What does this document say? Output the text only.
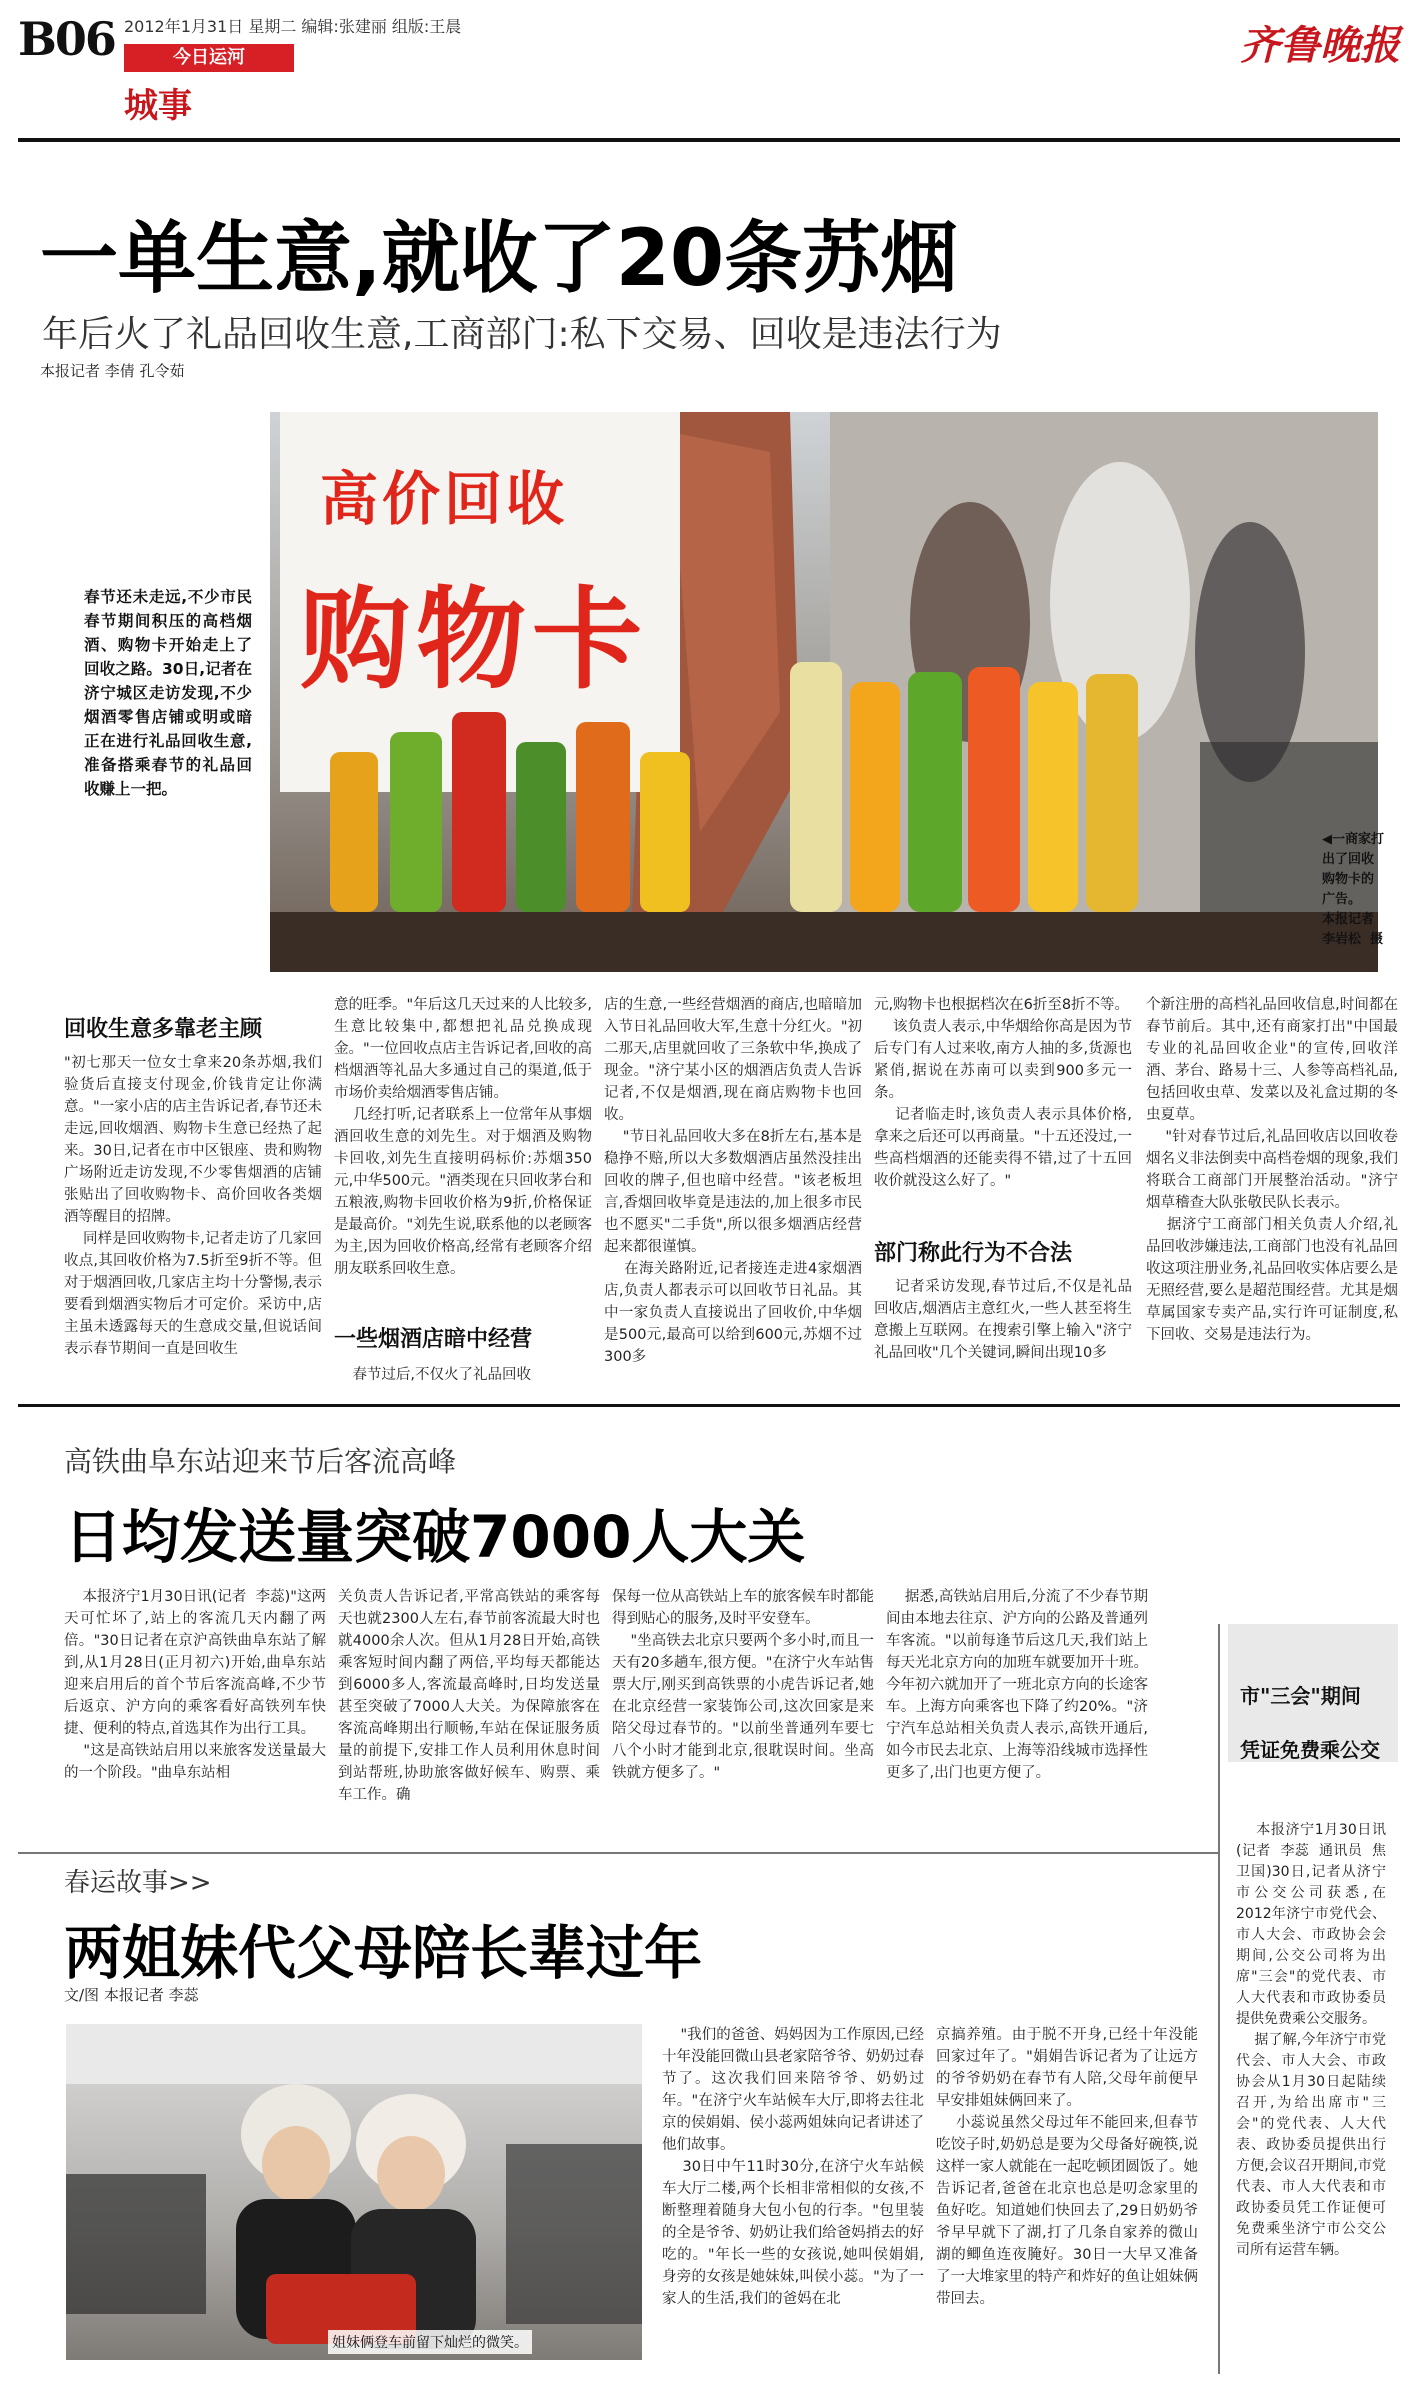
B06 2012年1月31日 星期二 编辑:张建丽 组版:王晨
今日运河
城事
齐鲁晚报
一单生意,就收了20条苏烟
年后火了礼品回收生意,工商部门:私下交易、回收是违法行为
本报记者 李倩 孔令茹
高价回收
购物卡
春节还未走远,不少市民春节期间积压的高档烟酒、购物卡开始走上了回收之路。30日,记者在济宁城区走访发现,不少烟酒零售店铺或明或暗正在进行礼品回收生意,准备搭乘春节的礼品回收赚上一把。
◀一商家打出了回收购物卡的广告。
本报记者  李岩松  摄
回收生意多靠老主顾
"初七那天一位女士拿来20条苏烟,我们验货后直接支付现金,价钱肯定让你满意。"一家小店的店主告诉记者,春节还未走远,回收烟酒、购物卡生意已经热了起来。30日,记者在市中区银座、贵和购物广场附近走访发现,不少零售烟酒的店铺张贴出了回收购物卡、高价回收各类烟酒等醒目的招牌。
同样是回收购物卡,记者走访了几家回收点,其回收价格为7.5折至9折不等。但对于烟酒回收,几家店主均十分警惕,表示要看到烟酒实物后才可定价。采访中,店主虽未透露每天的生意成交量,但说话间表示春节期间一直是回收生
意的旺季。"年后这几天过来的人比较多,生意比较集中,都想把礼品兑换成现金。"一位回收点店主告诉记者,回收的高档烟酒等礼品大多通过自己的渠道,低于市场价卖给烟酒零售店铺。
几经打听,记者联系上一位常年从事烟酒回收生意的刘先生。对于烟酒及购物卡回收,刘先生直接明码标价:苏烟350元,中华500元。"酒类现在只回收茅台和五粮液,购物卡回收价格为9折,价格保证是最高价。"刘先生说,联系他的以老顾客为主,因为回收价格高,经常有老顾客介绍朋友联系回收生意。
一些烟酒店暗中经营
春节过后,不仅火了礼品回收
店的生意,一些经营烟酒的商店,也暗暗加入节日礼品回收大军,生意十分红火。"初二那天,店里就回收了三条软中华,换成了现金。"济宁某小区的烟酒店负责人告诉记者,不仅是烟酒,现在商店购物卡也回收。
"节日礼品回收大多在8折左右,基本是稳挣不赔,所以大多数烟酒店虽然没挂出回收的牌子,但也暗中经营。"该老板坦言,香烟回收毕竟是违法的,加上很多市民也不愿买"二手货",所以很多烟酒店经营起来都很谨慎。
在海关路附近,记者接连走进4家烟酒店,负责人都表示可以回收节日礼品。其中一家负责人直接说出了回收价,中华烟是500元,最高可以给到600元,苏烟不过300多
元,购物卡也根据档次在6折至8折不等。
该负责人表示,中华烟给你高是因为节后专门有人过来收,南方人抽的多,货源也紧俏,据说在苏南可以卖到900多元一条。
记者临走时,该负责人表示具体价格,拿来之后还可以再商量。"十五还没过,一些高档烟酒的还能卖得不错,过了十五回收价就没这么好了。"
部门称此行为不合法
记者采访发现,春节过后,不仅是礼品回收店,烟酒店主意红火,一些人甚至将生意搬上互联网。在搜索引擎上输入"济宁礼品回收"几个关键词,瞬间出现10多
个新注册的高档礼品回收信息,时间都在春节前后。其中,还有商家打出"中国最专业的礼品回收企业"的宣传,回收洋酒、茅台、路易十三、人参等高档礼品,包括回收虫草、发菜以及礼盒过期的冬虫夏草。
"针对春节过后,礼品回收店以回收卷烟名义非法倒卖中高档卷烟的现象,我们将联合工商部门开展整治活动。"济宁烟草稽查大队张敬民队长表示。
据济宁工商部门相关负责人介绍,礼品回收涉嫌违法,工商部门也没有礼品回收这项注册业务,礼品回收实体店要么是无照经营,要么是超范围经营。尤其是烟草属国家专卖产品,实行许可证制度,私下回收、交易是违法行为。
高铁曲阜东站迎来节后客流高峰
日均发送量突破7000人大关
本报济宁1月30日讯(记者  李蕊)"这两天可忙坏了,站上的客流几天内翻了两倍。"30日记者在京沪高铁曲阜东站了解到,从1月28日(正月初六)开始,曲阜东站迎来启用后的首个节后客流高峰,不少节后返京、沪方向的乘客看好高铁列车快捷、便利的特点,首选其作为出行工具。
"这是高铁站启用以来旅客发送量最大的一个阶段。"曲阜东站相
关负责人告诉记者,平常高铁站的乘客每天也就2300人左右,春节前客流最大时也就4000余人次。但从1月28日开始,高铁乘客短时间内翻了两倍,平均每天都能达到6000多人,客流最高峰时,日均发送量甚至突破了7000人大关。为保障旅客在客流高峰期出行顺畅,车站在保证服务质量的前提下,安排工作人员利用休息时间到站帮班,协助旅客做好候车、购票、乘车工作。确
保每一位从高铁站上车的旅客候车时都能得到贴心的服务,及时平安登车。
"坐高铁去北京只要两个多小时,而且一天有20多趟车,很方便。"在济宁火车站售票大厅,刚买到高铁票的小虎告诉记者,她在北京经营一家装饰公司,这次回家是来陪父母过春节的。"以前坐普通列车要七八个小时才能到北京,很耽误时间。坐高铁就方便多了。"
据悉,高铁站启用后,分流了不少春节期间由本地去往京、沪方向的公路及普通列车客流。"以前每逢节后这几天,我们站上每天光北京方向的加班车就要加开十班。今年初六就加开了一班北京方向的长途客车。上海方向乘客也下降了约20%。"济宁汽车总站相关负责人表示,高铁开通后,如今市民去北京、上海等沿线城市选择性更多了,出门也更方便了。
市"三会"期间
凭证免费乘公交
本报济宁1月30日讯(记者  李蕊  通讯员  焦卫国)30日,记者从济宁市公交公司获悉,在2012年济宁市党代会、市人大会、市政协会会期间,公交公司将为出席"三会"的党代表、市人大代表和市政协委员提供免费乘公交服务。
据了解,今年济宁市党代会、市人大会、市政协会从1月30日起陆续召开,为给出席市"三会"的党代表、人大代表、政协委员提供出行方便,会议召开期间,市党代表、市人大代表和市政协委员凭工作证便可免费乘坐济宁市公交公司所有运营车辆。
春运故事>>
两姐妹代父母陪长辈过年
文/图 本报记者 李蕊
姐妹俩登车前留下灿烂的微笑。
"我们的爸爸、妈妈因为工作原因,已经十年没能回微山县老家陪爷爷、奶奶过春节了。这次我们回来陪爷爷、奶奶过年。"在济宁火车站候车大厅,即将去往北京的侯娟娟、侯小蕊两姐妹向记者讲述了他们故事。
30日中午11时30分,在济宁火车站候车大厅二楼,两个长相非常相似的女孩,不断整理着随身大包小包的行李。"包里装的全是爷爷、奶奶让我们给爸妈捎去的好吃的。"年长一些的女孩说,她叫侯娟娟,身旁的女孩是她妹妹,叫侯小蕊。"为了一家人的生活,我们的爸妈在北
京搞养殖。由于脱不开身,已经十年没能回家过年了。"娟娟告诉记者为了让远方的爷爷奶奶在春节有人陪,父母年前便早早安排姐妹俩回来了。
小蕊说虽然父母过年不能回来,但春节吃饺子时,奶奶总是要为父母备好碗筷,说这样一家人就能在一起吃顿团圆饭了。她告诉记者,爸爸在北京也总是叨念家里的鱼好吃。知道她们快回去了,29日奶奶爷爷早早就下了湖,打了几条自家养的微山湖的鲫鱼连夜腌好。30日一大早又准备了一大堆家里的特产和炸好的鱼让姐妹俩带回去。
